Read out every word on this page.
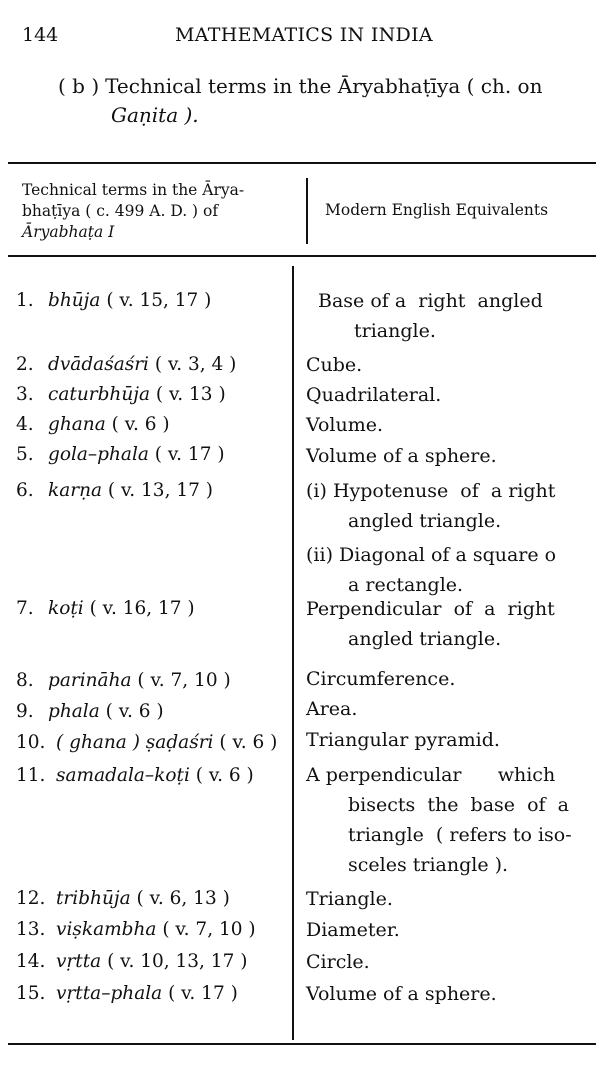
144	MATHEMATICS IN INDIA
( b ) Technical terms in the Āryabhaṭīya ( ch. on
Gaṇita ).
Technical terms in the Ārya-
bhaṭīya ( c. 499 A. D. ) of
Āryabhaṭa I
Modern English Equivalents
1. bhūja ( v. 15, 17 )	Base of a  right  angled
triangle.
2. dvādaśaśri ( v. 3, 4 )	Cube.
3. caturbhūja ( v. 13 )	Quadrilateral.
4. ghana ( v. 6 )	Volume.
5. gola–phala ( v. 17 )	Volume of a sphere.
6. karṇa ( v. 13, 17 )	(i) Hypotenuse  of  a right
angled triangle.
(ii) Diagonal of a square o
a rectangle.
7. koṭi ( v. 16, 17 )	Perpendicular  of  a  right
angled triangle.
8. parināha ( v. 7, 10 )	Circumference.
9. phala ( v. 6 )	Area.
10. ( ghana ) ṣaḍaśri ( v. 6 )	Triangular pyramid.
11. samadala–koṭi ( v. 6 )	A perpendicular      which
bisects  the  base  of  a
triangle  ( refers to iso-
sceles triangle ).
12. tribhūja ( v. 6, 13 )	Triangle.
13. viṣkambha ( v. 7, 10 )	Diameter.
14. vṛtta ( v. 10, 13, 17 )	Circle.
15. vṛtta–phala ( v. 17 )	Volume of a sphere.
